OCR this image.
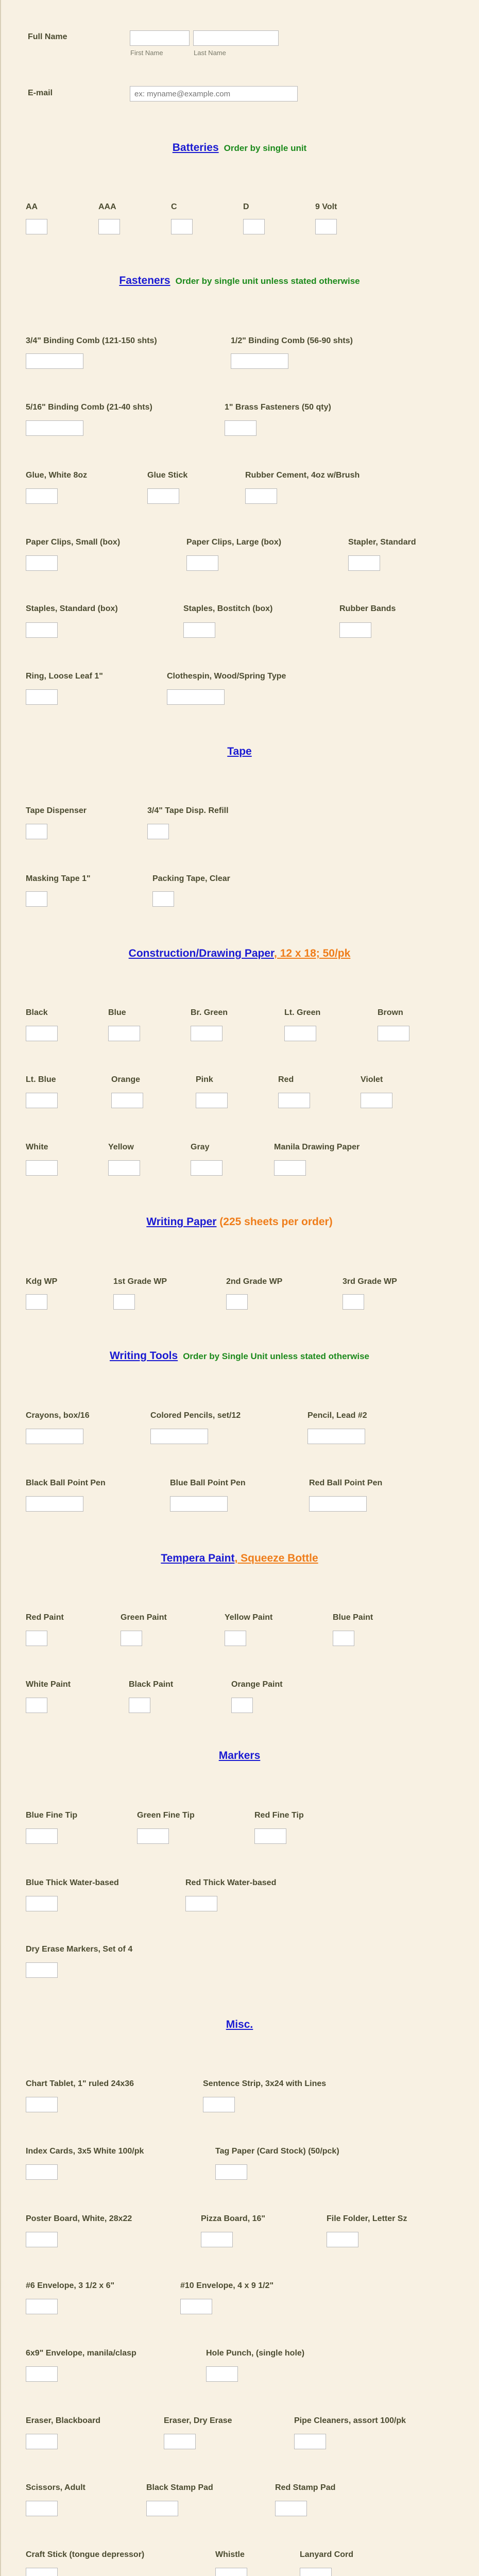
Full Name
First Name	Last Name
E-mail
ex: myname@example.com
Batteries Order by single unit
AA	AAA	C	D	9 Volt
Fasteners Order by single unit unless stated otherwise
3/4" Binding Comb (121-150 shts)	1/2" Binding Comb (56-90 shts)
5/16" Binding Comb (21-40 shts)	1" Brass Fasteners (50 qty)
Glue, White 8oz	Glue Stick	Rubber Cement, 4oz w/Brush
Paper Clips, Small (box)	Paper Clips, Large (box)	Stapler, Standard
Staples, Standard (box)	Staples, Bostitch (box)	Rubber Bands
Ring, Loose Leaf 1"	Clothespin, Wood/Spring Type
Tape
Tape Dispenser	3/4" Tape Disp. Refill
Masking Tape 1"	Packing Tape, Clear
Construction/Drawing Paper, 12 x 18; 50/pk
Black	Blue	Br. Green	Lt. Green	Brown
Lt. Blue	Orange	Pink	Red	Violet
White	Yellow	Gray	Manila Drawing Paper
Writing Paper (225 sheets per order)
Kdg WP	1st Grade WP	2nd Grade WP	3rd Grade WP
Writing Tools Order by Single Unit unless stated otherwise
Crayons, box/16	Colored Pencils, set/12	Pencil, Lead #2
Black Ball Point Pen	Blue Ball Point Pen	Red Ball Point Pen
Tempera Paint, Squeeze Bottle
Red Paint	Green Paint	Yellow Paint	Blue Paint
White Paint	Black Paint	Orange Paint
Markers
Blue Fine Tip	Green Fine Tip	Red Fine Tip
Blue Thick Water-based	Red Thick Water-based
Dry Erase Markers, Set of 4
Misc.
Chart Tablet, 1" ruled 24x36	Sentence Strip, 3x24 with Lines
Index Cards, 3x5 White 100/pk	Tag Paper (Card Stock) (50/pck)
Poster Board, White, 28x22	Pizza Board, 16"	File Folder, Letter Sz
#6 Envelope, 3 1/2 x 6"	#10 Envelope, 4 x 9 1/2"
6x9" Envelope, manila/clasp	Hole Punch, (single hole)
Eraser, Blackboard	Eraser, Dry Erase	Pipe Cleaners, assort 100/pk
Scissors, Adult	Black Stamp Pad	Red Stamp Pad
Craft Stick (tongue depressor)	Whistle	Lanyard Cord
